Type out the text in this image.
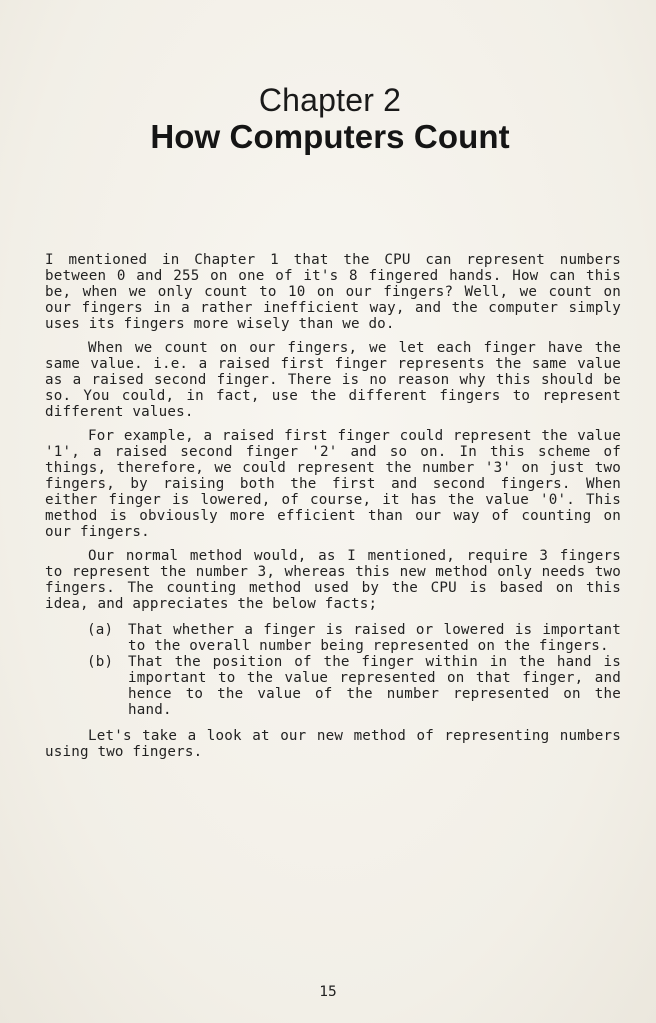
Chapter 2
How Computers Count

I mentioned in Chapter 1 that the CPU can represent numbers between 0 and 255 on one of it's 8 fingered hands. How can this be, when we only count to 10 on our fingers? Well, we count on our fingers in a rather inefficient way, and the computer simply uses its fingers more wisely than we do.

When we count on our fingers, we let each finger have the same value. i.e. a raised first finger represents the same value as a raised second finger. There is no reason why this should be so. You could, in fact, use the different fingers to represent different values.

For example, a raised first finger could represent the value '1', a raised second finger '2' and so on. In this scheme of things, therefore, we could represent the number '3' on just two fingers, by raising both the first and second fingers. When either finger is lowered, of course, it has the value '0'. This method is obviously more efficient than our way of counting on our fingers.

Our normal method would, as I mentioned, require 3 fingers to represent the number 3, whereas this new method only needs two fingers. The counting method used by the CPU is based on this idea, and appreciates the below facts;

(a)	That whether a finger is raised or lowered is important to the overall number being represented on the fingers.
(b)	That the position of the finger within in the hand is important to the value represented on that finger, and hence to the value of the number represented on the hand.

Let's take a look at our new method of representing numbers using two fingers.

15
